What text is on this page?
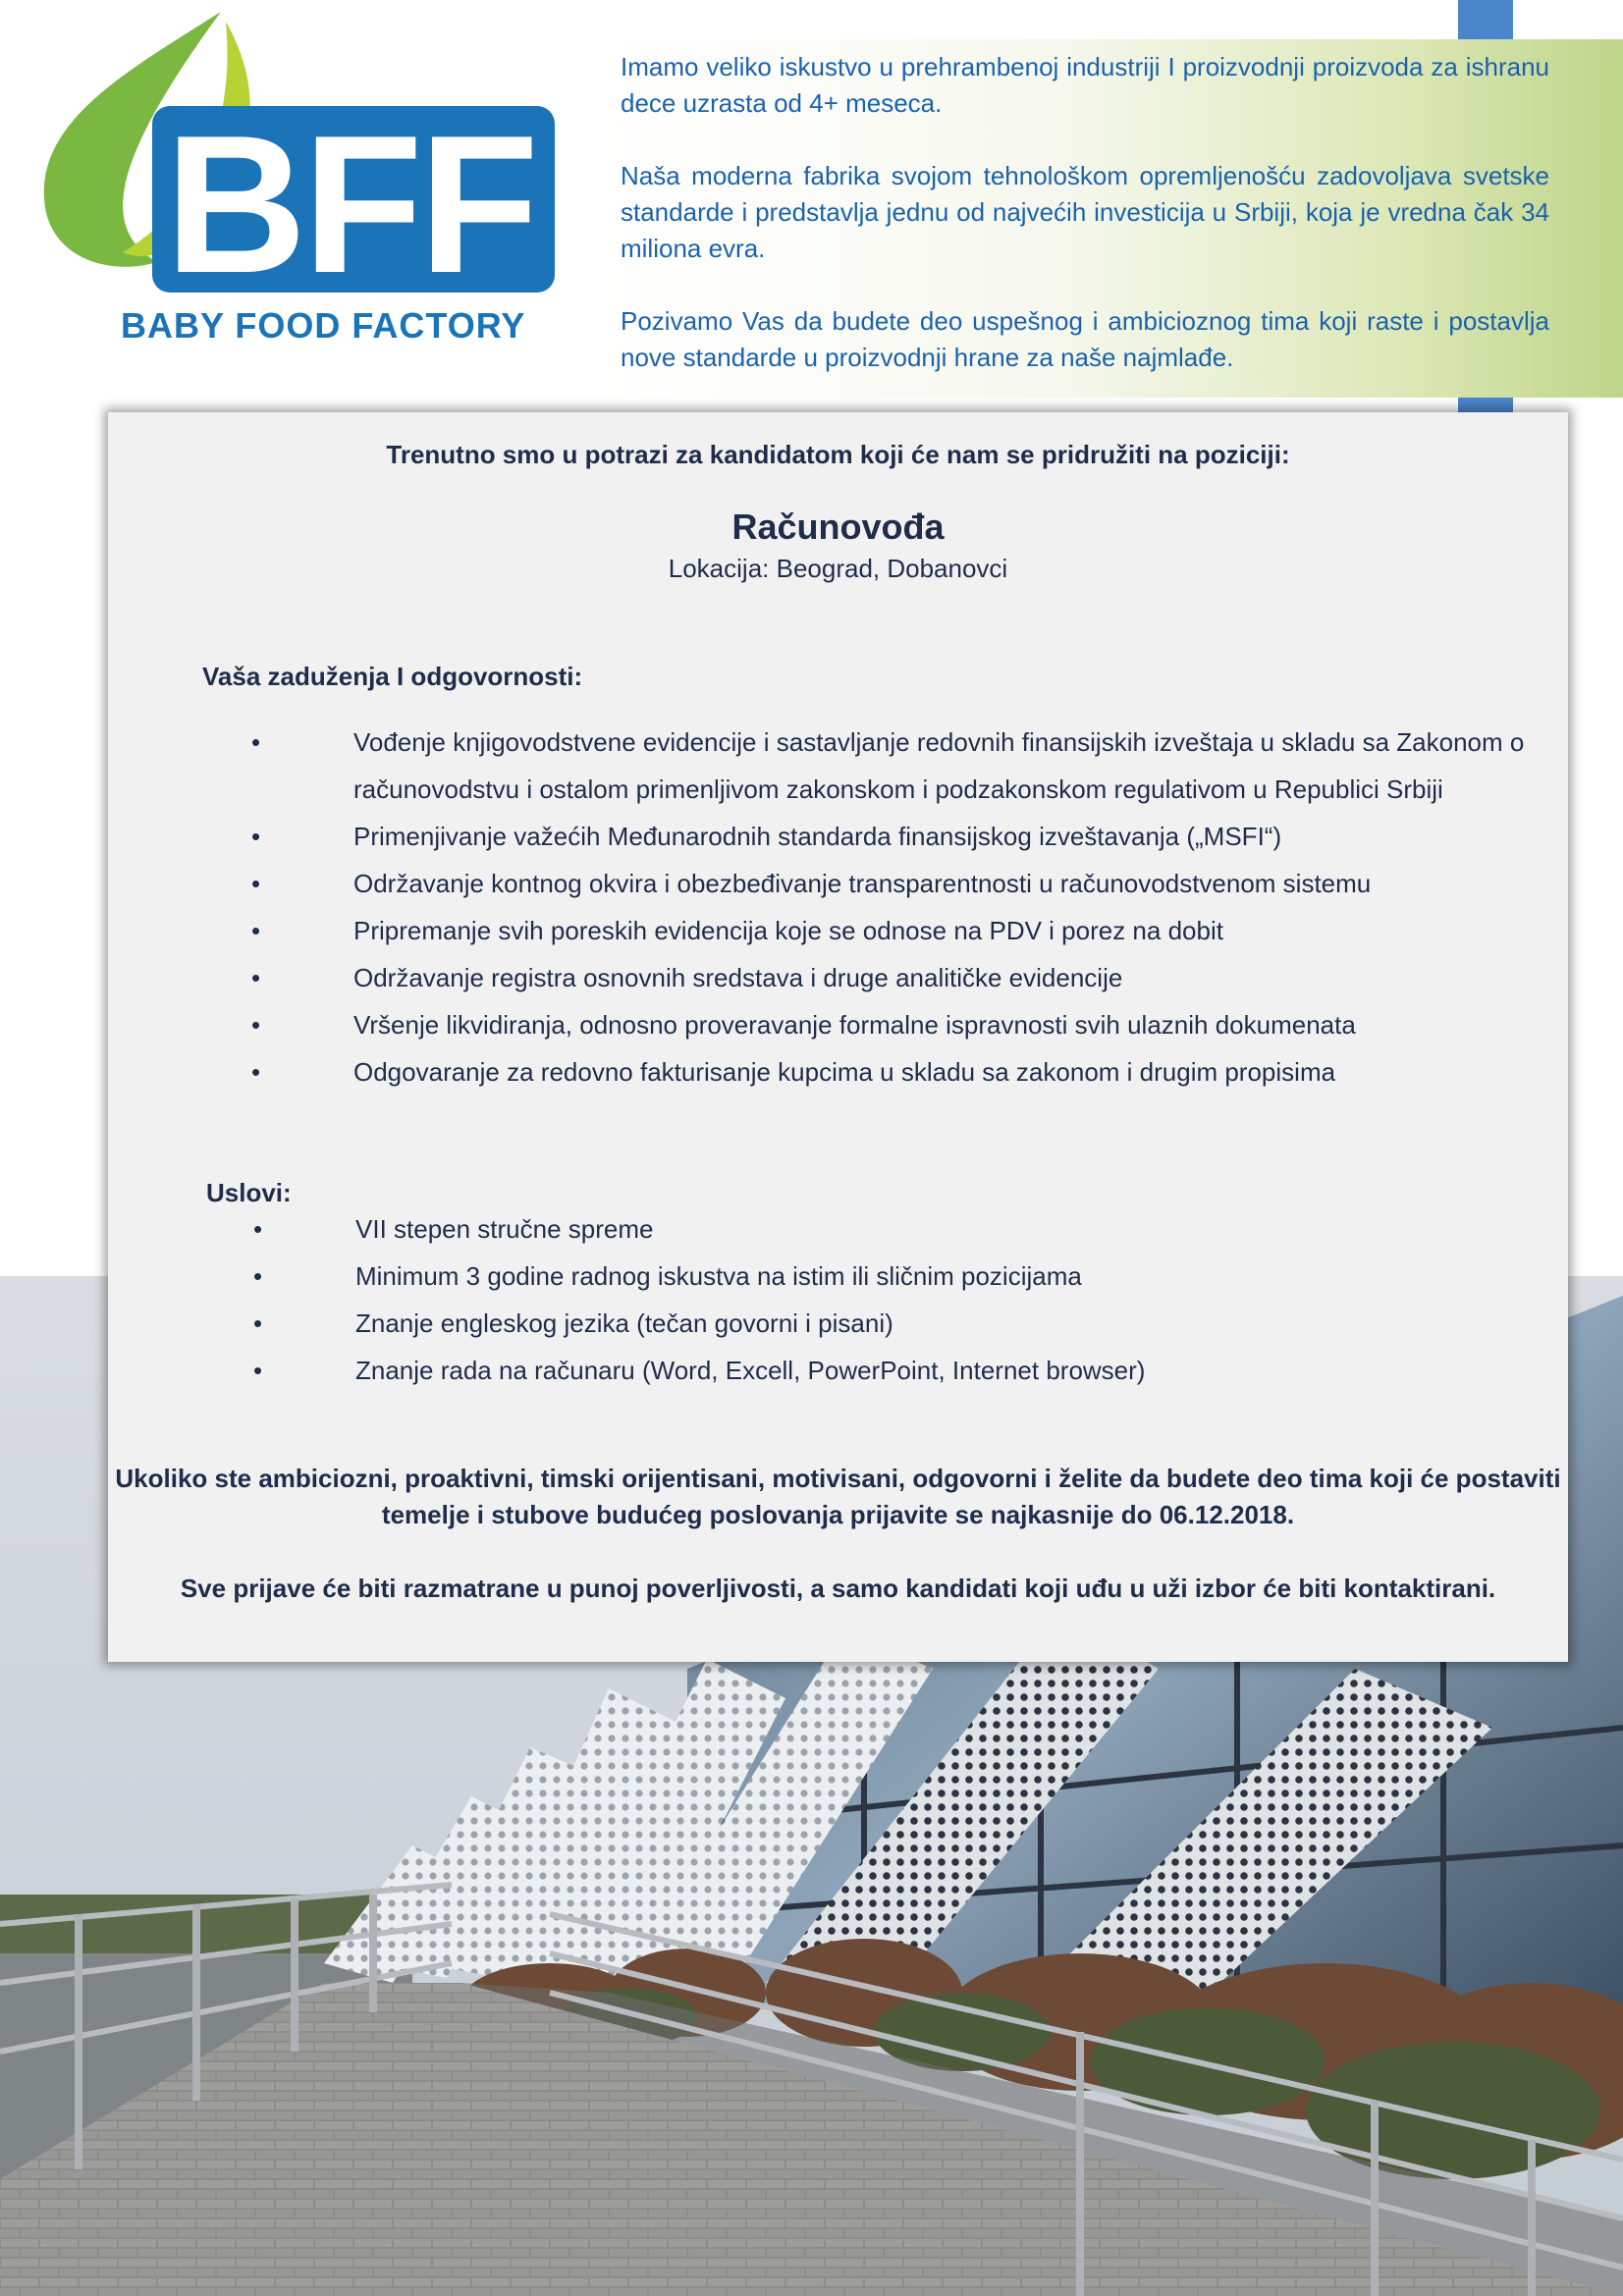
BFF
BABY FOOD FACTORY

Imamo veliko iskustvo u prehrambenoj industriji I proizvodnji proizvoda za ishranu dece uzrasta od 4+ meseca.

Naša moderna fabrika svojom tehnološkom opremljenošću zadovoljava svetske standarde i predstavlja jednu od najvećih investicija u Srbiji, koja je vredna čak 34 miliona evra.

Pozivamo Vas da budete deo uspešnog i ambicioznog tima koji raste i postavlja nove standarde u proizvodnji hrane za naše najmlađe.

Trenutno smo u potrazi za kandidatom koji će nam se pridružiti na poziciji:
Računovođa
Lokacija: Beograd, Dobanovci
Vaša zaduženja I odgovornosti:
•	Vođenje knjigovodstvene evidencije i sastavljanje redovnih finansijskih izveštaja u skladu sa Zakonom o računovodstvu i ostalom primenljivom zakonskom i podzakonskom regulativom u Republici Srbiji
•	Primenjivanje važećih Međunarodnih standarda finansijskog izveštavanja („MSFI“)
•	Održavanje kontnog okvira i obezbeđivanje transparentnosti u računovodstvenom sistemu
•	Pripremanje svih poreskih evidencija koje se odnose na PDV i porez na dobit
•	Održavanje registra osnovnih sredstava i druge analitičke evidencije
•	Vršenje likvidiranja, odnosno proveravanje formalne ispravnosti svih ulaznih dokumenata
•	Odgovaranje za redovno fakturisanje kupcima u skladu sa zakonom i drugim propisima
Uslovi:
•	VII stepen stručne spreme
•	Minimum 3 godine radnog iskustva na istim ili sličnim pozicijama
•	Znanje engleskog jezika (tečan govorni i pisani)
•	Znanje rada na računaru (Word, Excell, PowerPoint, Internet browser)
Ukoliko ste ambiciozni, proaktivni, timski orijentisani, motivisani, odgovorni i želite da budete deo tima koji će postaviti temelje i stubove budućeg poslovanja prijavite se najkasnije do 06.12.2018.
Sve prijave će biti razmatrane u punoj poverljivosti, a samo kandidati koji uđu u uži izbor će biti kontaktirani.
